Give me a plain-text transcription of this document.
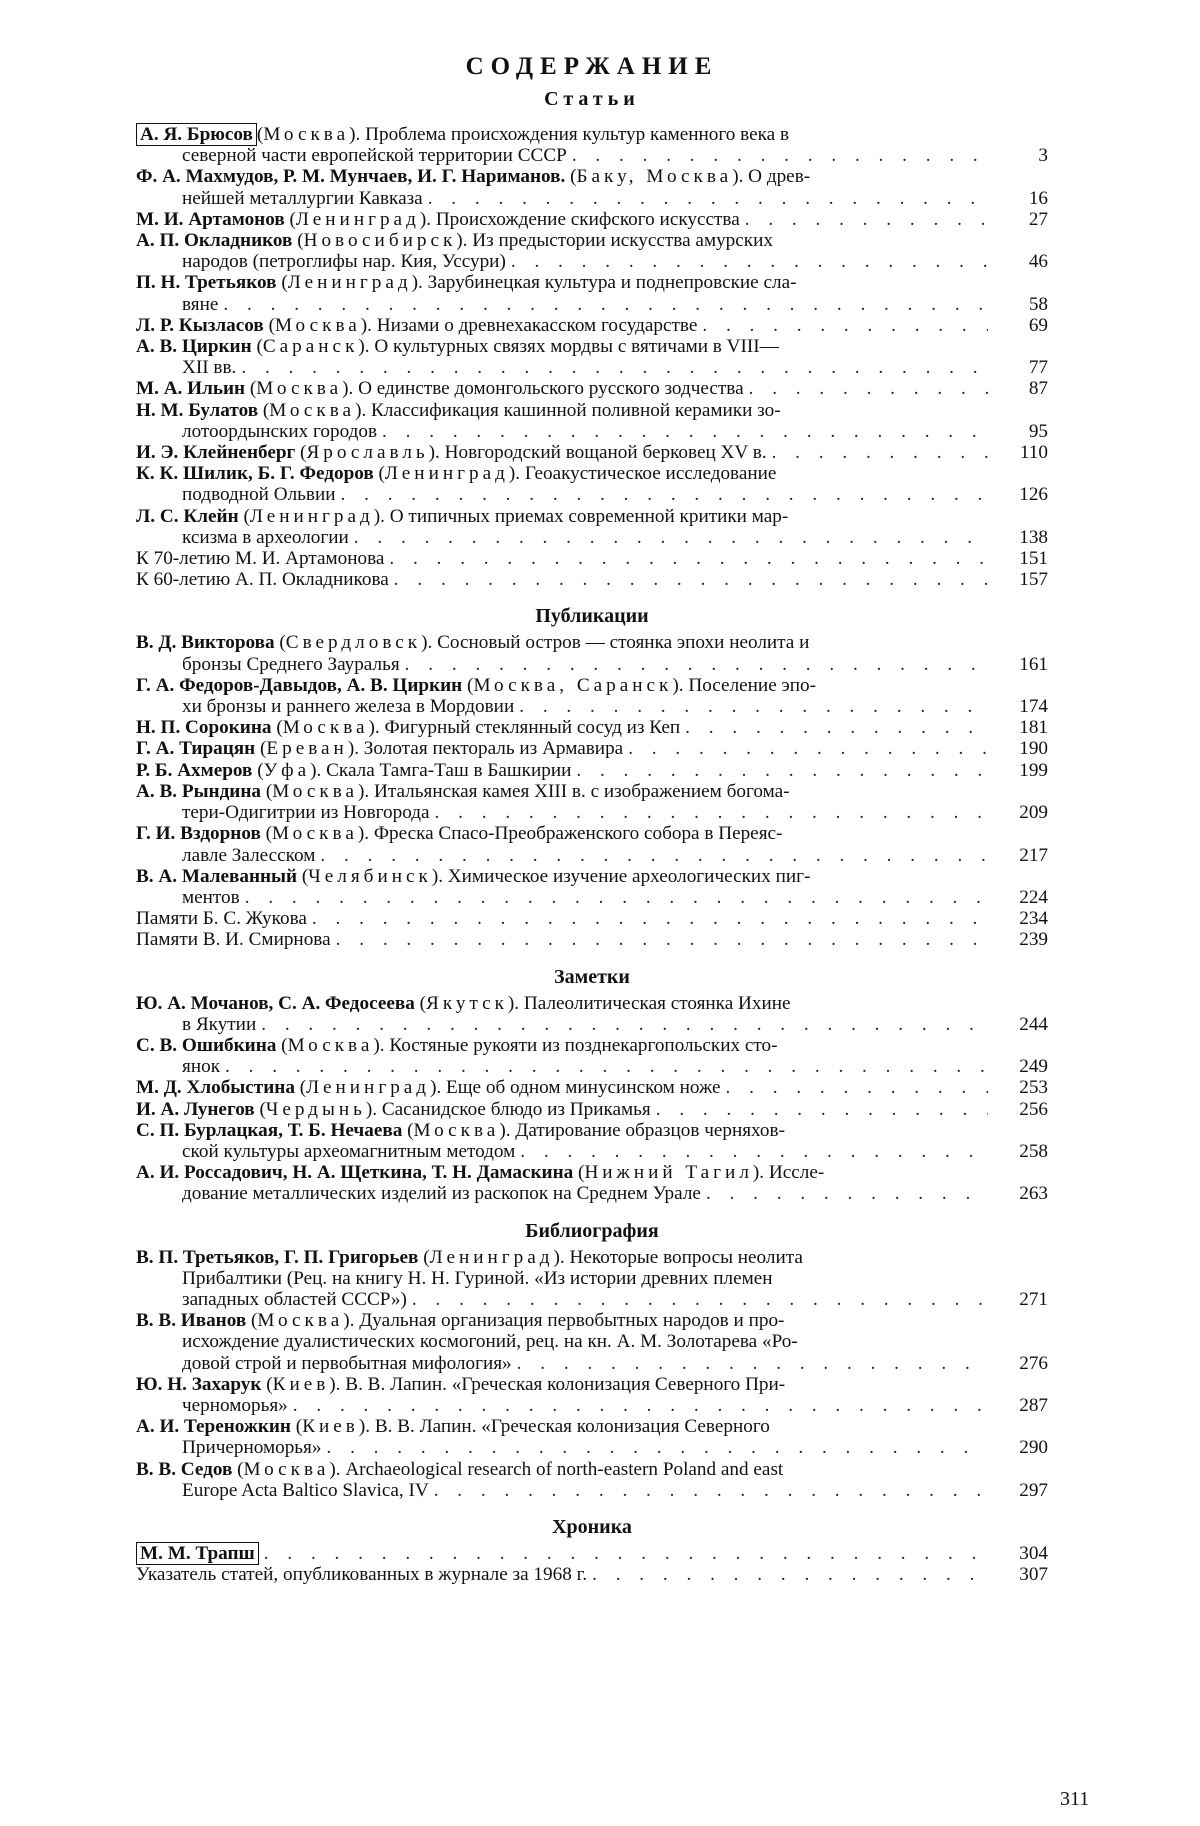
СОДЕРЖАНИЕ
Статьи
А. Я. Брюсов (Москва). Проблема происхождения культур каменного века в
северной части европейской территории СССР . . .	3
Ф. А. Махмудов, Р. М. Мунчаев, И. Г. Нариманов. (Баку, Москва). О древ-
нейшей металлургии Кавказа . . .	16
М. И. Артамонов (Ленинград). Происхождение скифского искусства . . .	27
А. П. Окладников (Новосибирск). Из предыстории искусства амурских
народов (петроглифы нар. Кия, Уссури) . . .	46
П. Н. Третьяков (Ленинград). Зарубинецкая культура и поднепровские сла-
вяне . . .	58
Л. Р. Кызласов (Москва). Низами о древнехакасском государстве . . .	69
А. В. Циркин (Саранск). О культурных связях мордвы с вятичами в VIII—
XII вв. . . .	77
М. А. Ильин (Москва). О единстве домонгольского русского зодчества . . .	87
Н. М. Булатов (Москва). Классификация кашинной поливной керамики зо-
лотоордынских городов . . .	95
И. Э. Клейненберг (Ярославль). Новгородский вощаной берковец XV в. . . .	110
К. К. Шилик, Б. Г. Федоров (Ленинград). Геоакустическое исследование
подводной Ольвии . . .	126
Л. С. Клейн (Ленинград). О типичных приемах современной критики мар-
ксизма в археологии . . .	138
К 70-летию М. И. Артамонова . . .	151
К 60-летию А. П. Окладникова . . .	157
Публикации
В. Д. Викторова (Свердловск). Сосновый остров — стоянка эпохи неолита и
бронзы Среднего Зауралья . . .	161
Г. А. Федоров-Давыдов, А. В. Циркин (Москва, Саранск). Поселение эпо-
хи бронзы и раннего железа в Мордовии . . .	174
Н. П. Сорокина (Москва). Фигурный стеклянный сосуд из Кеп . . .	181
Г. А. Тирацян (Ереван). Золотая пектораль из Армавира . . .	190
Р. Б. Ахмеров (Уфа). Скала Тамга-Таш в Башкирии . . .	199
А. В. Рындина (Москва). Итальянская камея XIII в. с изображением богома-
тери-Одигитрии из Новгорода . . .	209
Г. И. Вздорнов (Москва). Фреска Спасо-Преображенского собора в Переяс-
лавле Залесском . . .	217
В. А. Малеванный (Челябинск). Химическое изучение археологических пиг-
ментов . . .	224
Памяти Б. С. Жукова . . .	234
Памяти В. И. Смирнова . . .	239
Заметки
Ю. А. Мочанов, С. А. Федосеева (Якутск). Палеолитическая стоянка Ихине
в Якутии . . .	244
С. В. Ошибкина (Москва). Костяные рукояти из позднекаргопольских сто-
янок . . .	249
М. Д. Хлобыстина (Ленинград). Еще об одном минусинском ноже . . .	253
И. А. Лунегов (Чердынь). Сасанидское блюдо из Прикамья . . .	256
С. П. Бурлацкая, Т. Б. Нечаева (Москва). Датирование образцов черняхов-
ской культуры археомагнитным методом . . .	258
А. И. Россадович, Н. А. Щеткина, Т. Н. Дамаскина (Нижний Тагил). Иссле-
дование металлических изделий из раскопок на Среднем Урале . . .	263
Библиография
В. П. Третьяков, Г. П. Григорьев (Ленинград). Некоторые вопросы неолита
Прибалтики (Рец. на книгу Н. Н. Гуриной. «Из истории древних племен
западных областей СССР») . . .	271
В. В. Иванов (Москва). Дуальная организация первобытных народов и про-
исхождение дуалистических космогоний, рец. на кн. А. М. Золотарева «Ро-
довой строй и первобытная мифология» . . .	276
Ю. Н. Захарук (Киев). В. В. Лапин. «Греческая колонизация Северного При-
черноморья» . . .	287
А. И. Тереножкин (Киев). В. В. Лапин. «Греческая колонизация Северного
Причерноморья» . . .	290
В. В. Седов (Москва). Archaeological research of north-eastern Poland and east
Europe Acta Baltico Slavica, IV . . .	297
Хроника
М. М. Трапш . . .	304
Указатель статей, опубликованных в журнале за 1968 г. . . .	307
311
